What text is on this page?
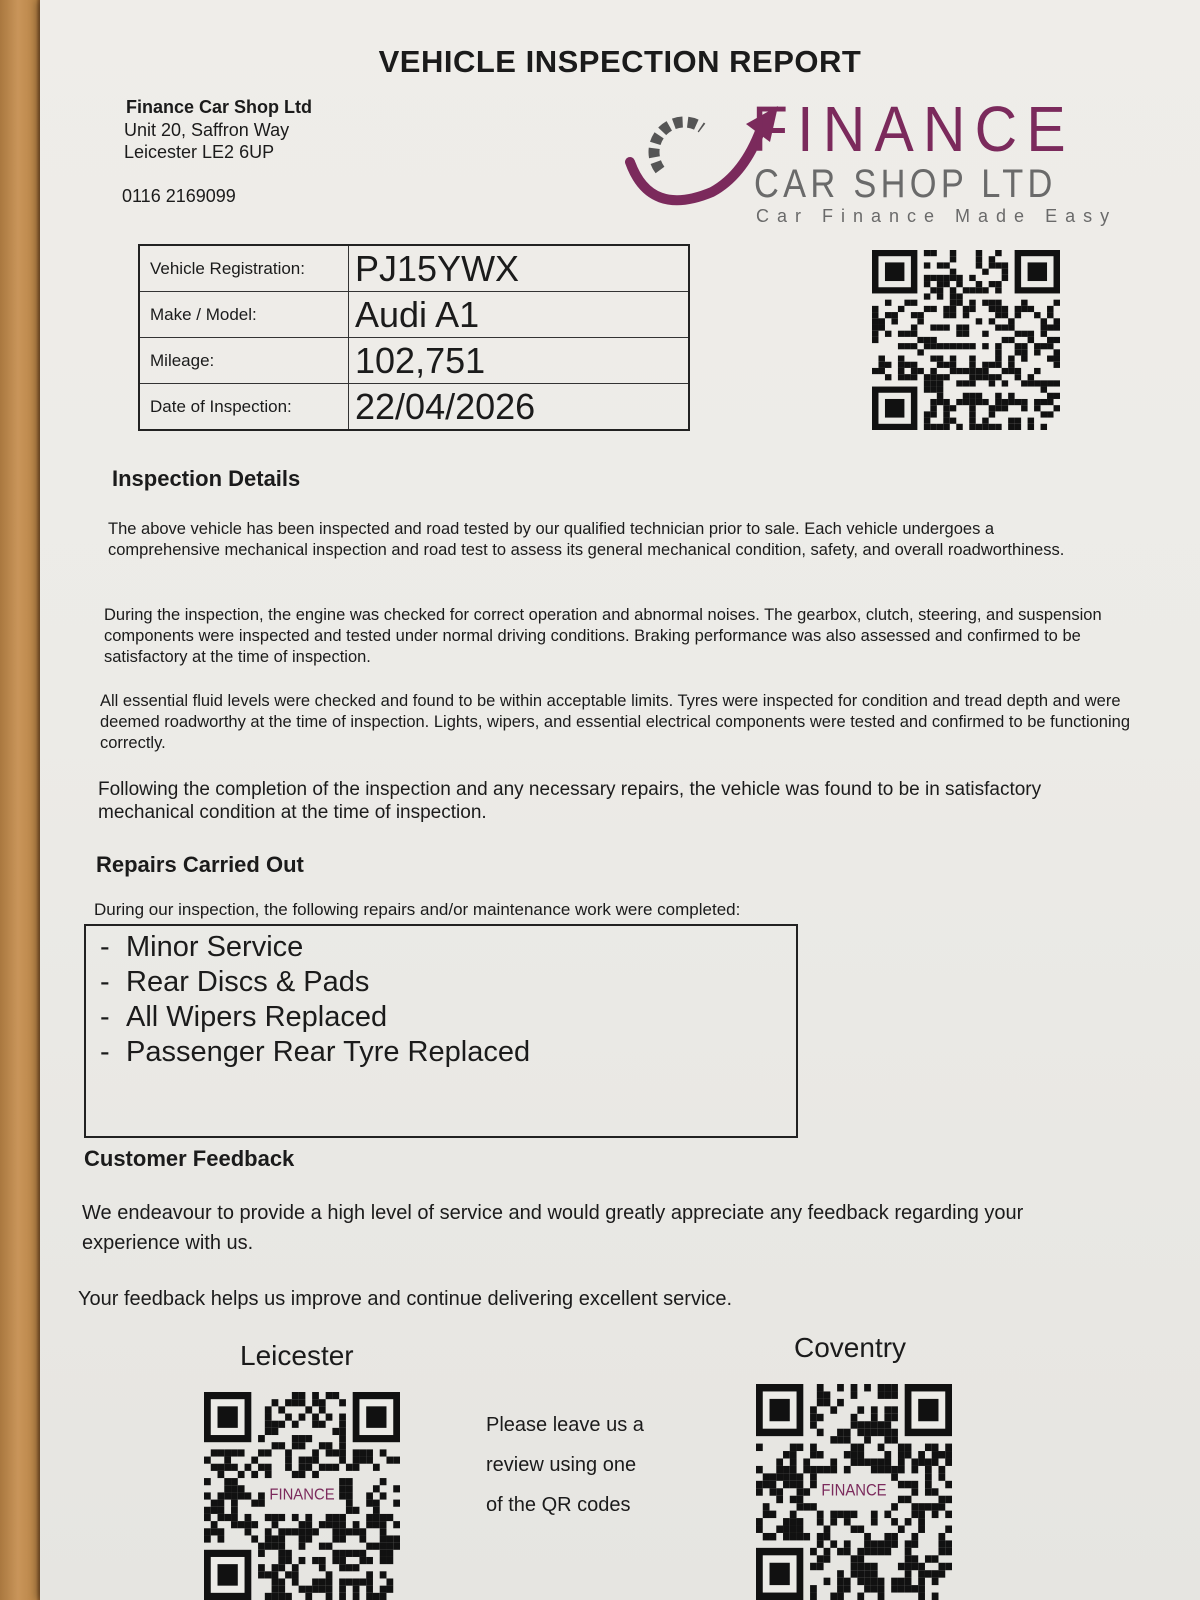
VEHICLE INSPECTION REPORT
Finance Car Shop Ltd
Unit 20, Saffron Way
Leicester LE2 6UP
0116 2169099
FINANCE
CAR SHOP LTD
Car Finance Made Easy
Vehicle Registration:	PJ15YWX
Make / Model:	Audi A1
Mileage:	102,751
Date of Inspection:	22/04/2026
Inspection Details

The above vehicle has been inspected and road tested by our qualified technician prior to sale. Each vehicle undergoes a comprehensive mechanical inspection and road test to assess its general mechanical condition, safety, and overall roadworthiness.

During the inspection, the engine was checked for correct operation and abnormal noises. The gearbox, clutch, steering, and suspension components were inspected and tested under normal driving conditions. Braking performance was also assessed and confirmed to be satisfactory at the time of inspection.

All essential fluid levels were checked and found to be within acceptable limits. Tyres were inspected for condition and tread depth and were deemed roadworthy at the time of inspection. Lights, wipers, and essential electrical components were tested and confirmed to be functioning correctly.

Following the completion of the inspection and any necessary repairs, the vehicle was found to be in satisfactory mechanical condition at the time of inspection.

Repairs Carried Out
During our inspection, the following repairs and/or maintenance work were completed:
- Minor Service
- Rear Discs & Pads
- All Wipers Replaced
- Passenger Rear Tyre Replaced
Customer Feedback

We endeavour to provide a high level of service and would greatly appreciate any feedback regarding your experience with us.

Your feedback helps us improve and continue delivering excellent service.
Leicester	Coventry
FINANCE	FINANCE
Please leave us a
review using one
of the QR codes
